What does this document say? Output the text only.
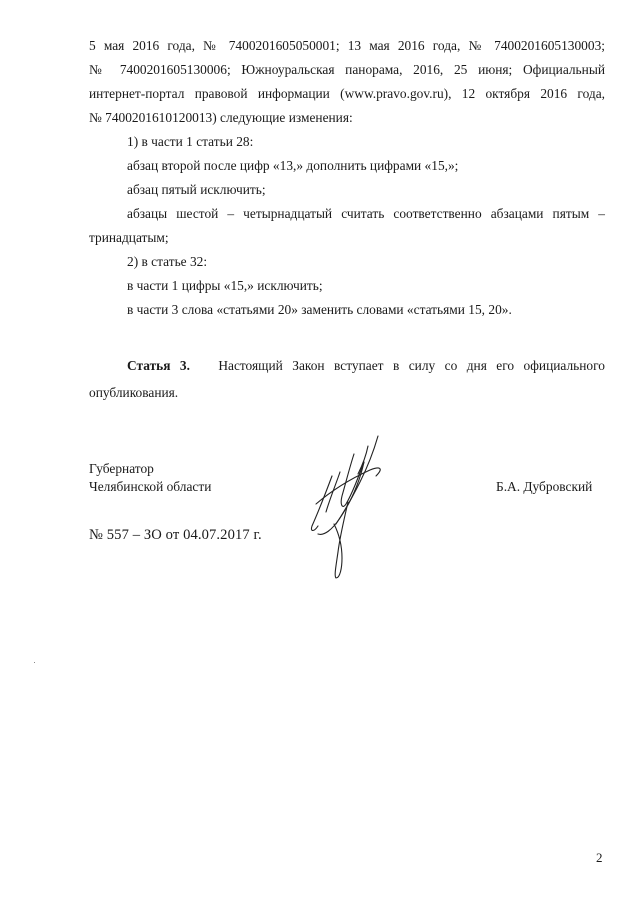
5 мая 2016 года, № 7400201605050001; 13 мая 2016 года, № 7400201605130003;
№ 7400201605130006; Южноуральская панорама, 2016, 25 июня; Официальный
интернет-портал правовой информации (www.pravo.gov.ru), 12 октября 2016 года,
№ 7400201610120013) следующие изменения:
1) в части 1 статьи 28:
абзац второй после цифр «13,» дополнить цифрами «15,»;
абзац пятый исключить;
абзацы шестой – четырнадцатый считать соответственно абзацами пятым –
тринадцатым;
2) в статье 32:
в части 1 цифры «15,» исключить;
в части 3 слова «статьями 20» заменить словами «статьями 15, 20».
Статья 3. Настоящий Закон вступает в силу со дня его официального
опубликования.
Губернатор
Челябинской области	Б.А. Дубровский
№ 557 – ЗО от 04.07.2017 г.
2
